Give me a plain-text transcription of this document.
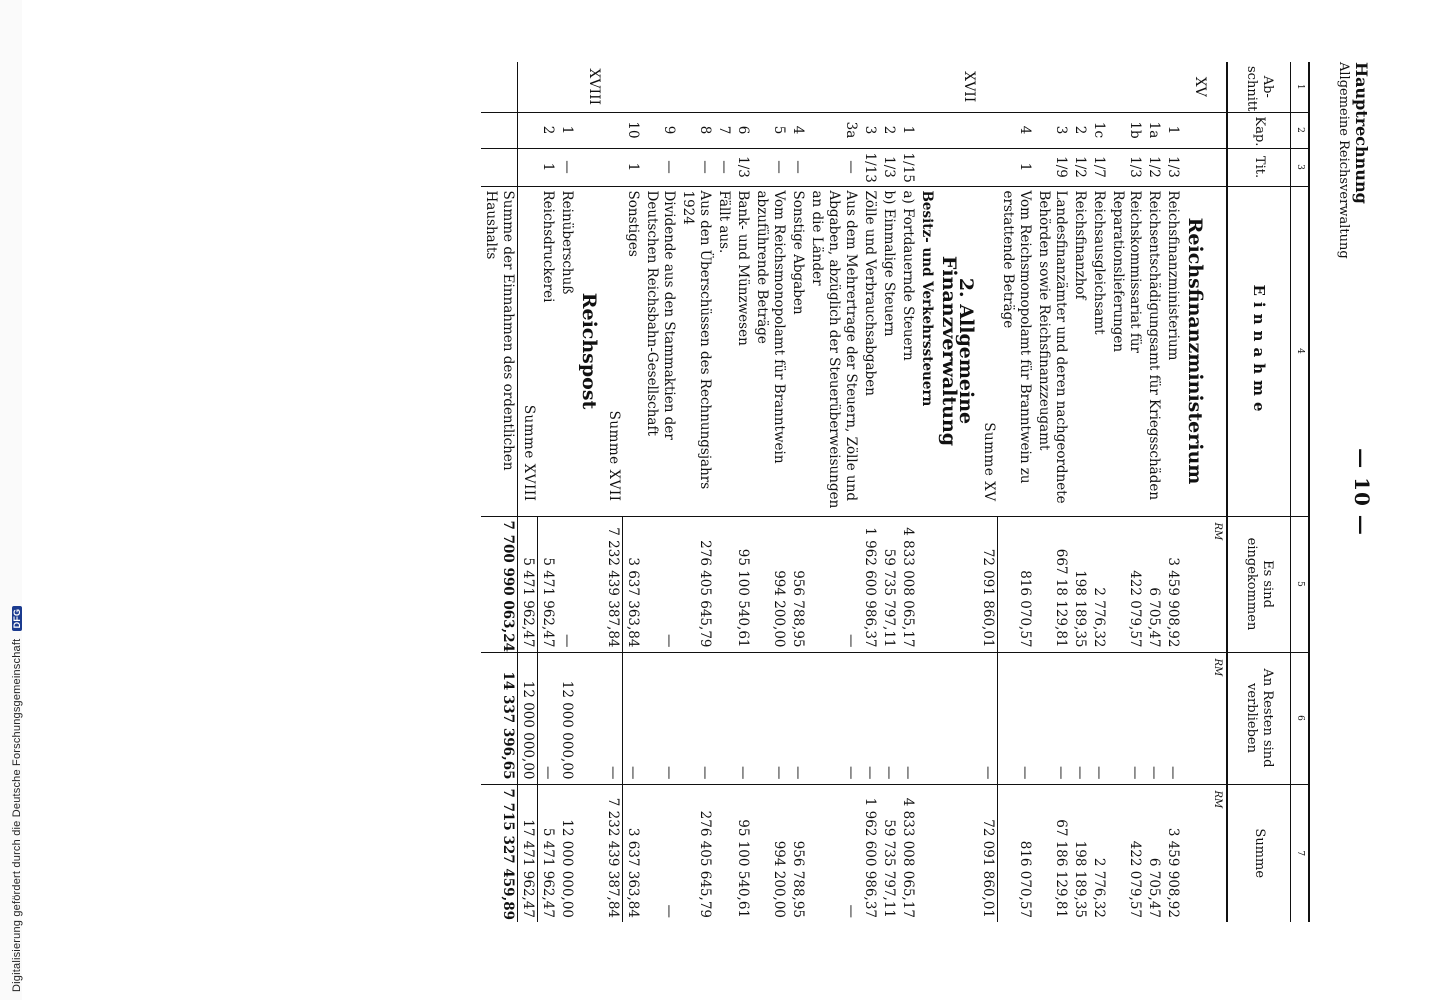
Digitalisierung gefördert durch die Deutsche Forschungsgemeinschaft DFG
Hauptrechnung
Allgemeine Reichsverwaltung
— 10 —
1	2	3	4	5	6	7
Ab-schnitt	Kap.	Tit.	Einnahme	Es sind eingekommen	An Resten sind verblieben	Summe
				RM	RM	RM
XV			Reichsfinanzministerium			
	1	1/3	Reichsfinanzministerium	3 459 908,92	—	3 459 908,92
	1a	1/2	Reichsentschädigungsamt für Kriegsschäden	6 705,47	—	6 705,47
	1b	1/3	Reichskommissariat für Reparationslieferungen	422 079,57	—	422 079,57
	1c	1/7	Reichsausgleichsamt	2 776,32	—	2 776,32
	2	1/2	Reichsfinanzhof	198 189,35	—	198 189,35
	3	1/9	Landesfinanzämter und deren nachgeordnete Behörden sowie Reichsfinanzzeugamt	667 18 129,81	—	67 186 129,81
	4	1	Vom Reichsmonopolamt für Branntwein zu erstattende Beträge	816 070,57	—	816 070,57
			Summe XV	72 091 860,01	—	72 091 860,01
XVII			2. Allgemeine Finanzverwaltung			
			Besitz- und Verkehrssteuern			
	1	1/15	a) Fortdauernde Steuern	4 833 008 065,17	—	4 833 008 065,17
	2	1/3	b) Einmalige Steuern	59 735 797,11	—	59 735 797,11
	3	1/13	Zölle und Verbrauchsabgaben	1 962 600 986,37	—	1 962 600 986,37
	3a	—	Aus dem Mehrertrage der Steuern, Zölle und Abgaben, abzüglich der Steuerüberweisungen an die Länder	—	—	—
	4	—	Sonstige Abgaben	956 788,95	—	956 788,95
	5	—	Vom Reichsmonopolamt für Branntwein abzuführende Beträge	994 200,00	—	994 200,00
	6	1/3	Bank- und Münzwesen	95 100 540,61	—	95 100 540,61
	7	—	Fällt aus.			
	8	—	Aus den Überschüssen des Rechnungsjahrs 1924	276 405 645,79	—	276 405 645,79
	9	—	Dividende aus den Stammaktien der Deutschen Reichsbahn-Gesellschaft	—	—	—
	10	1	Sonstiges	3 637 363,84	—	3 637 363,84
			Summe XVII	7 232 439 387,84	—	7 232 439 387,84
XVIII			Reichspost			
	1	—	Reinüberschuß	—	12 000 000,00	12 000 000,00
	2	1	Reichsdruckerei	5 471 962,47	—	5 471 962,47
			Summe XVIII	5 471 962,47	12 000 000,00	17 471 962,47
			Summe der Einnahmen des ordentlichen Haushalts	7 700 990 063,24	14 337 396,65	7 715 327 459,89
